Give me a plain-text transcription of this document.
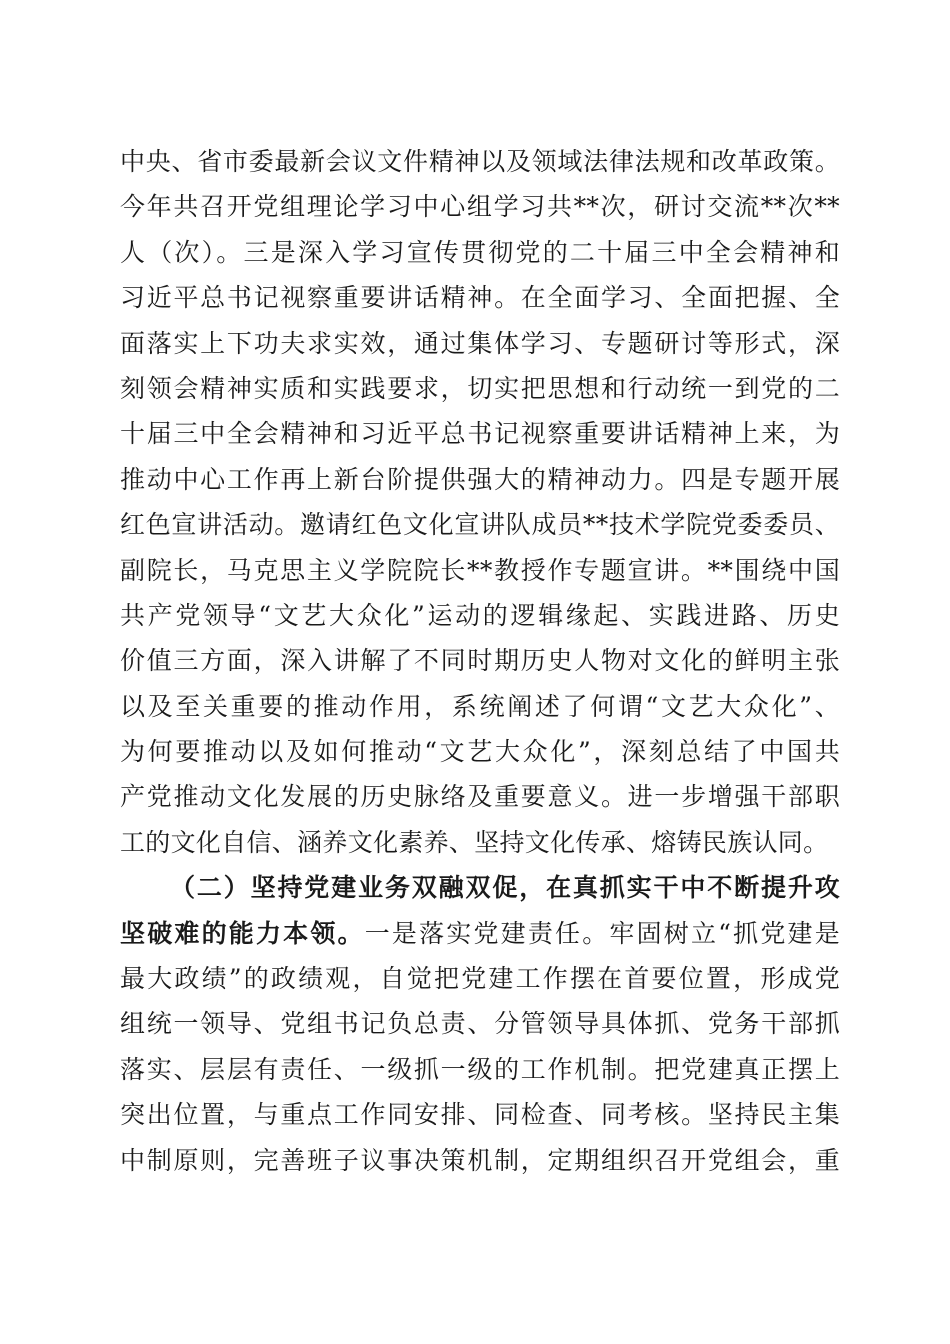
中央、省市委最新会议文件精神以及领域法律法规和改革政策。
今年共召开党组理论学习中心组学习共**次，研讨交流**次**
人（次）。三是深入学习宣传贯彻党的二十届三中全会精神和
习近平总书记视察重要讲话精神。在全面学习、全面把握、全
面落实上下功夫求实效，通过集体学习、专题研讨等形式，深
刻领会精神实质和实践要求，切实把思想和行动统一到党的二
十届三中全会精神和习近平总书记视察重要讲话精神上来，为
推动中心工作再上新台阶提供强大的精神动力。四是专题开展
红色宣讲活动。邀请红色文化宣讲队成员**技术学院党委委员、
副院长，马克思主义学院院长**教授作专题宣讲。**围绕中国
共产党领导“文艺大众化”运动的逻辑缘起、实践进路、历史
价值三方面，深入讲解了不同时期历史人物对文化的鲜明主张
以及至关重要的推动作用，系统阐述了何谓“文艺大众化”、
为何要推动以及如何推动“文艺大众化”，深刻总结了中国共
产党推动文化发展的历史脉络及重要意义。进一步增强干部职
工的文化自信、涵养文化素养、坚持文化传承、熔铸民族认同。
（二）坚持党建业务双融双促，在真抓实干中不断提升攻
坚破难的能力本领。一是落实党建责任。牢固树立“抓党建是
最大政绩”的政绩观，自觉把党建工作摆在首要位置，形成党
组统一领导、党组书记负总责、分管领导具体抓、党务干部抓
落实、层层有责任、一级抓一级的工作机制。把党建真正摆上
突出位置，与重点工作同安排、同检查、同考核。坚持民主集
中制原则，完善班子议事决策机制，定期组织召开党组会，重
